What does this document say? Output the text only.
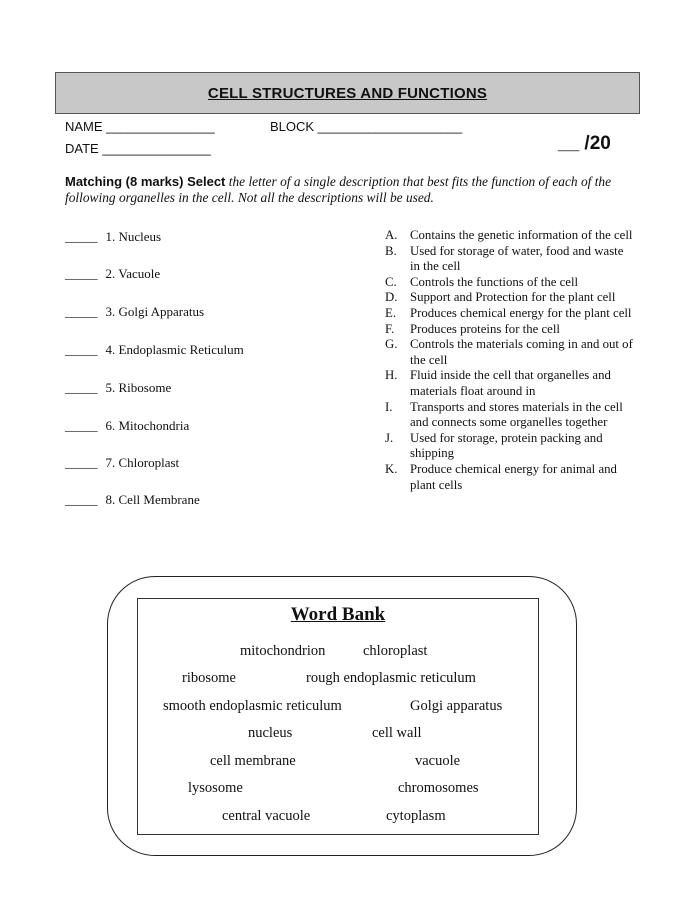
CELL STRUCTURES AND FUNCTIONS
NAME _______________	BLOCK ____________________
DATE _______________	__ /20
Matching (8 marks) Select the letter of a single description that best fits the function of each of the following organelles in the cell. Not all the descriptions will be used.
_____ 1. Nucleus
_____ 2. Vacuole
_____ 3. Golgi Apparatus
_____ 4. Endoplasmic Reticulum
_____ 5. Ribosome
_____ 6. Mitochondria
_____ 7. Chloroplast
_____ 8. Cell Membrane
A. Contains the genetic information of the cell
B.	Used for storage of water, food and waste in the cell
C.	Controls the functions of the cell
D. Support and Protection for the plant cell
E.	Produces chemical energy for the plant cell
F.	Produces proteins for the cell
G. Controls the materials coming in and out of the cell
H. Fluid inside the cell that organelles and materials float around in
I.	Transports and stores materials in the cell and connects some organelles together
J.	Used for storage, protein packing and shipping
K. Produce chemical energy for animal and plant cells
Word Bank
mitochondrion	chloroplast
ribosome	rough endoplasmic reticulum
smooth endoplasmic reticulum	Golgi apparatus
nucleus	cell wall
cell membrane	vacuole
lysosome	chromosomes
central vacuole	cytoplasm
